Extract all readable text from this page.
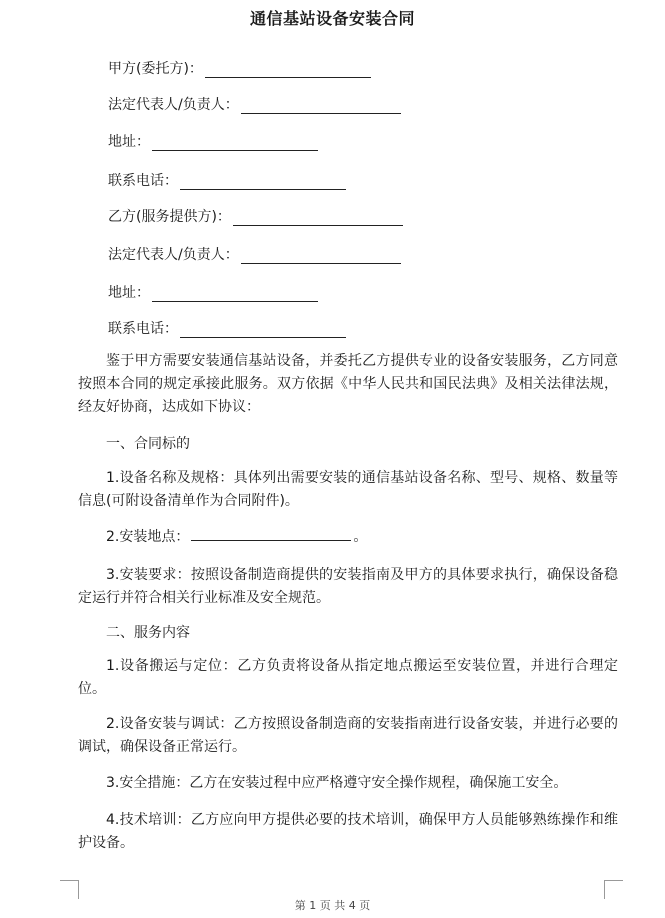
通信基站设备安装合同
甲方(委托方)：
法定代表人/负责人：
地址：
联系电话：
乙方(服务提供方)：
法定代表人/负责人：
地址：
联系电话：
鉴于甲方需要安装通信基站设备，并委托乙方提供专业的设备安装服务，乙方同意按照本合同的规定承接此服务。双方依据《中华人民共和国民法典》及相关法律法规，经友好协商，达成如下协议：
一、合同标的
1.设备名称及规格：具体列出需要安装的通信基站设备名称、型号、规格、数量等信息(可附设备清单作为合同附件)。
2.安装地点：	。
3.安装要求：按照设备制造商提供的安装指南及甲方的具体要求执行，确保设备稳定运行并符合相关行业标准及安全规范。
二、服务内容
1.设备搬运与定位：乙方负责将设备从指定地点搬运至安装位置，并进行合理定位。
2.设备安装与调试：乙方按照设备制造商的安装指南进行设备安装，并进行必要的调试，确保设备正常运行。
3.安全措施：乙方在安装过程中应严格遵守安全操作规程，确保施工安全。
4.技术培训：乙方应向甲方提供必要的技术培训，确保甲方人员能够熟练操作和维护设备。
第 1 页 共 4 页
